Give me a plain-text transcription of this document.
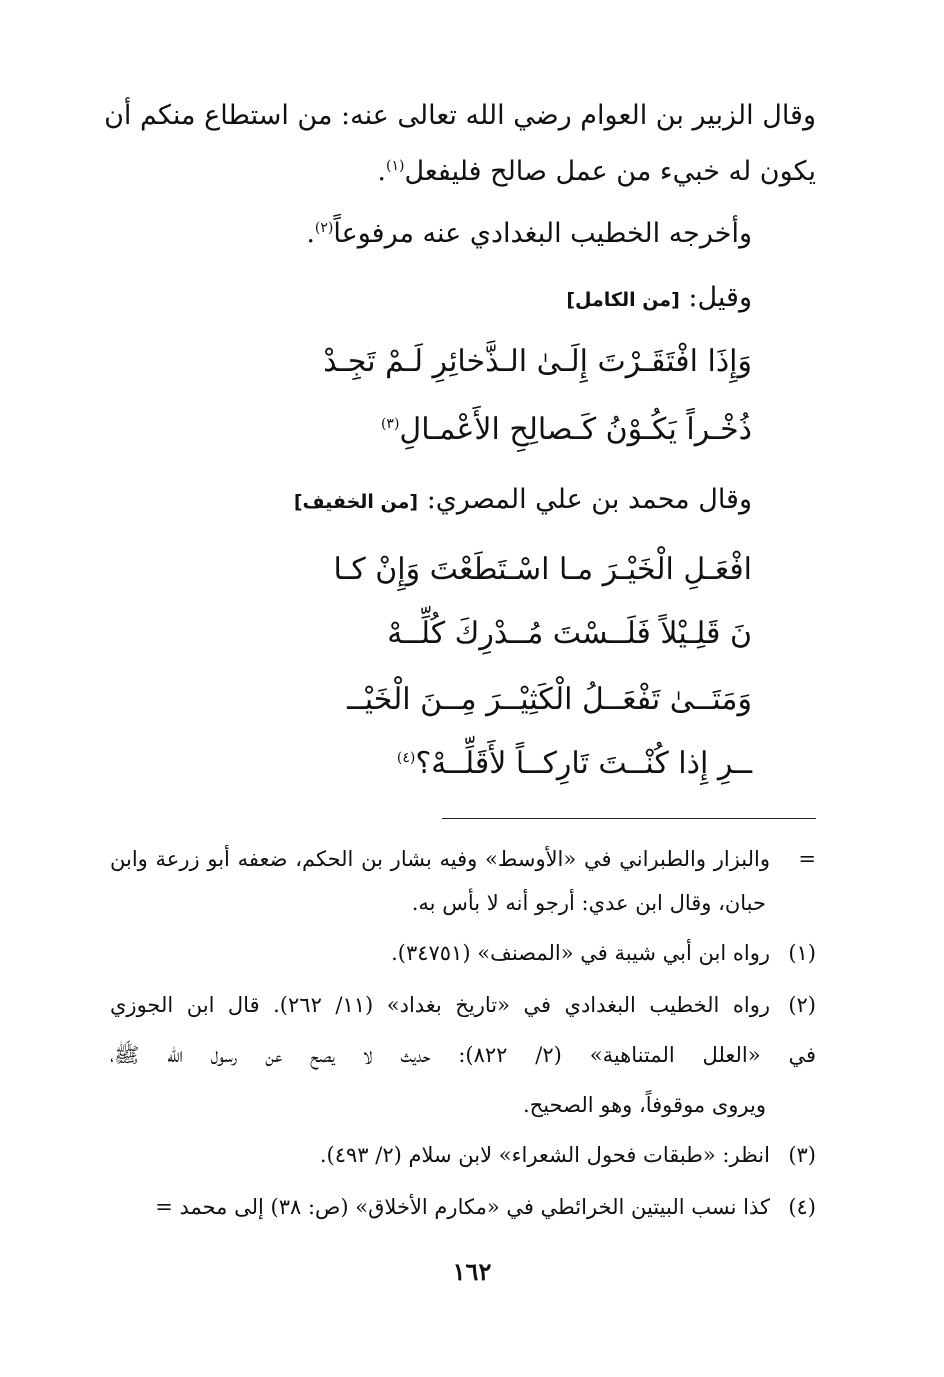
وقال الزبير بن العوام رضي الله تعالى عنه: من استطاع منكم أن
يكون له خبيء من عمل صالح فليفعل$^{(١)}$.
وأخرجه الخطيب البغدادي عنه مرفوعاً$^{(٢)}$.
وقيل: [من الكامل]
وَإِذَا افْتَقَـرْتَ إِلَـىٰ الـذَّخائِرِ لَـمْ تَجِـدْ
ذُخْـراً يَكُـوْنُ كَـصالِحِ الأَعْمـالِ$^{(٣)}$
وقال محمد بن علي المصري: [من الخفيف]
افْعَـلِ الْخَيْـرَ مـا اسْـتَطَعْتَ وَإِنْ كـا
نَ قَلِـيْلاً فَلَــسْتَ مُــدْرِكَ كُلِّــهْ
وَمَتَــىٰ تَفْعَــلُ الْكَثِيْــرَ مِــنَ الْخَيْــ
ــرِ إِذا كُنْــتَ تَارِكــاً لأَقَلِّــهْ؟$^{(٤)}$
=والبزار والطبراني في «الأوسط» وفيه بشار بن الحكم، ضعفه أبو زرعة وابن
حبان، وقال ابن عدي: أرجو أنه لا بأس به.
(١)رواه ابن أبي شيبة في «المصنف» (٣٤٧٥١).
(٢)رواه الخطيب البغدادي في «تاريخ بغداد» (١١/ ٢٦٢). قال ابن الجوزي
في «العلل المتناهية» (٢/ ٨٢٢): حديث لا يصح عن رسول الله ﷺ،
ويروى موقوفاً، وهو الصحيح.
(٣)انظر: «طبقات فحول الشعراء» لابن سلام (٢/ ٤٩٣).
(٤)كذا نسب البيتين الخرائطي في «مكارم الأخلاق» (ص: ٣٨) إلى محمد =
١٦٢
